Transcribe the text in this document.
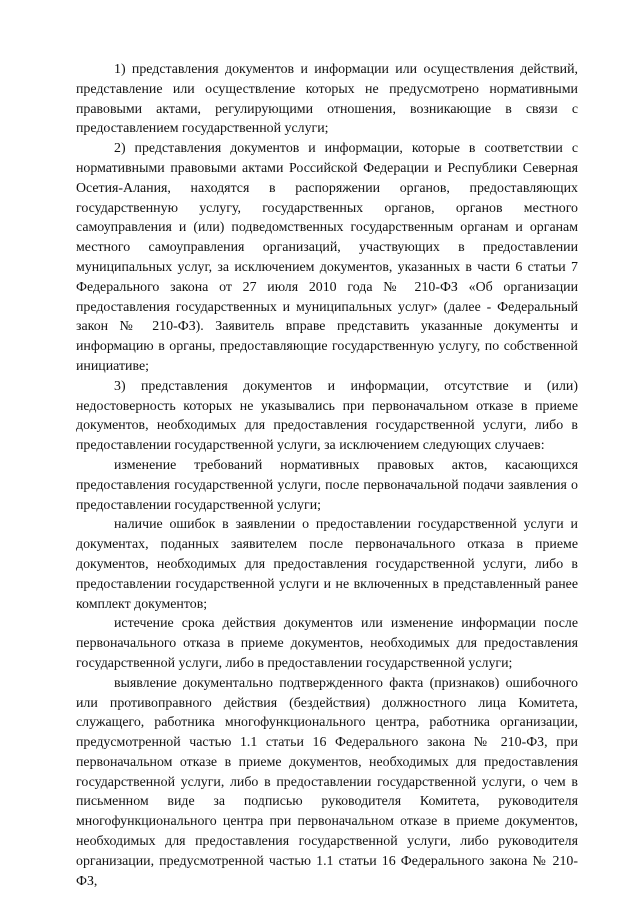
1) представления документов и информации или осуществления действий, представление или осуществление которых не предусмотрено нормативными правовыми актами, регулирующими отношения, возникающие в связи с предоставлением государственной услуги;

2) представления документов и информации, которые в соответствии с нормативными правовыми актами Российской Федерации и Республики Северная Осетия-Алания, находятся в распоряжении органов, предоставляющих государственную услугу, государственных органов, органов местного самоуправления и (или) подведомственных государственным органам и органам местного самоуправления организаций, участвующих в предоставлении муниципальных услуг, за исключением документов, указанных в части 6 статьи 7 Федерального закона от 27 июля 2010 года № 210-ФЗ «Об организации предоставления государственных и муниципальных услуг» (далее - Федеральный закон № 210-ФЗ). Заявитель вправе представить указанные документы и информацию в органы, предоставляющие государственную услугу, по собственной инициативе;

3) представления документов и информации, отсутствие и (или) недостоверность которых не указывались при первоначальном отказе в приеме документов, необходимых для предоставления государственной услуги, либо в предоставлении государственной услуги, за исключением следующих случаев:

изменение требований нормативных правовых актов, касающихся предоставления государственной услуги, после первоначальной подачи заявления о предоставлении государственной услуги;

наличие ошибок в заявлении о предоставлении государственной услуги и документах, поданных заявителем после первоначального отказа в приеме документов, необходимых для предоставления государственной услуги, либо в предоставлении государственной услуги и не включенных в представленный ранее комплект документов;

истечение срока действия документов или изменение информации после первоначального отказа в приеме документов, необходимых для предоставления государственной услуги, либо в предоставлении государственной услуги;

выявление документально подтвержденного факта (признаков) ошибочного или противоправного действия (бездействия) должностного лица Комитета, служащего, работника многофункционального центра, работника организации, предусмотренной частью 1.1 статьи 16 Федерального закона № 210-ФЗ, при первоначальном отказе в приеме документов, необходимых для предоставления государственной услуги, либо в предоставлении государственной услуги, о чем в письменном виде за подписью руководителя Комитета, руководителя многофункционального центра при первоначальном отказе в приеме документов, необходимых для предоставления государственной услуги, либо руководителя организации, предусмотренной частью 1.1 статьи 16 Федерального закона № 210-ФЗ,
